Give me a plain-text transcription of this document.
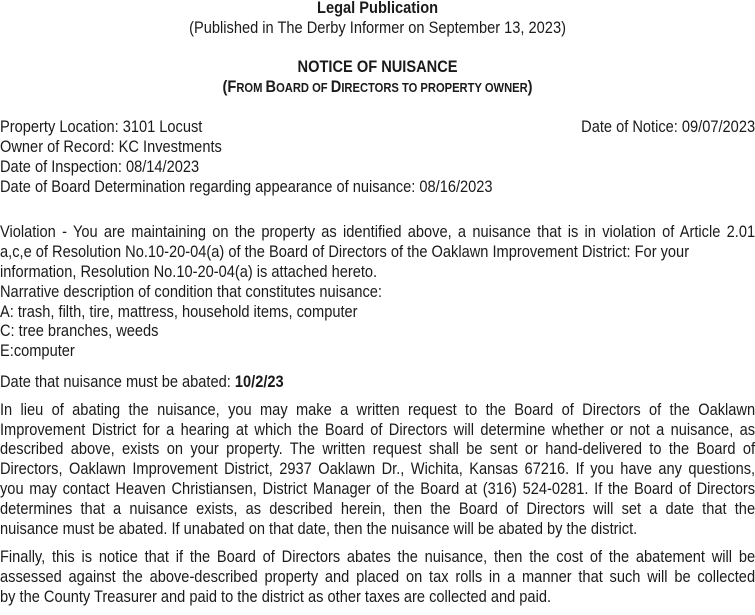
Legal Publication
(Published in The Derby Informer on September 13, 2023)
NOTICE OF NUISANCE
(FROM BOARD OF DIRECTORS TO PROPERTY OWNER)
Property Location: 3101 Locust	Date of Notice: 09/07/2023
Owner of Record: KC Investments
Date of Inspection: 08/14/2023
Date of Board Determination regarding appearance of nuisance: 08/16/2023
Violation - You are maintaining on the property as identified above, a nuisance that is in violation of Article 2.01
a,c,e of Resolution No.10-20-04(a) of the Board of Directors of the Oaklawn Improvement District: For your
information, Resolution No.10-20-04(a) is attached hereto.
Narrative description of condition that constitutes nuisance:
A: trash, filth, tire, mattress, household items, computer
C: tree branches, weeds
E:computer
Date that nuisance must be abated: 10/2/23
In lieu of abating the nuisance, you may make a written request to the Board of Directors of the Oaklawn
Improvement District for a hearing at which the Board of Directors will determine whether or not a nuisance, as
described above, exists on your property. The written request shall be sent or hand-delivered to the Board of
Directors, Oaklawn Improvement District, 2937 Oaklawn Dr., Wichita, Kansas 67216. If you have any questions,
you may contact Heaven Christiansen, District Manager of the Board at (316) 524-0281. If the Board of Directors
determines that a nuisance exists, as described herein, then the Board of Directors will set a date that the
nuisance must be abated. If unabated on that date, then the nuisance will be abated by the district.
Finally, this is notice that if the Board of Directors abates the nuisance, then the cost of the abatement will be
assessed against the above-described property and placed on tax rolls in a manner that such will be collected
by the County Treasurer and paid to the district as other taxes are collected and paid.
